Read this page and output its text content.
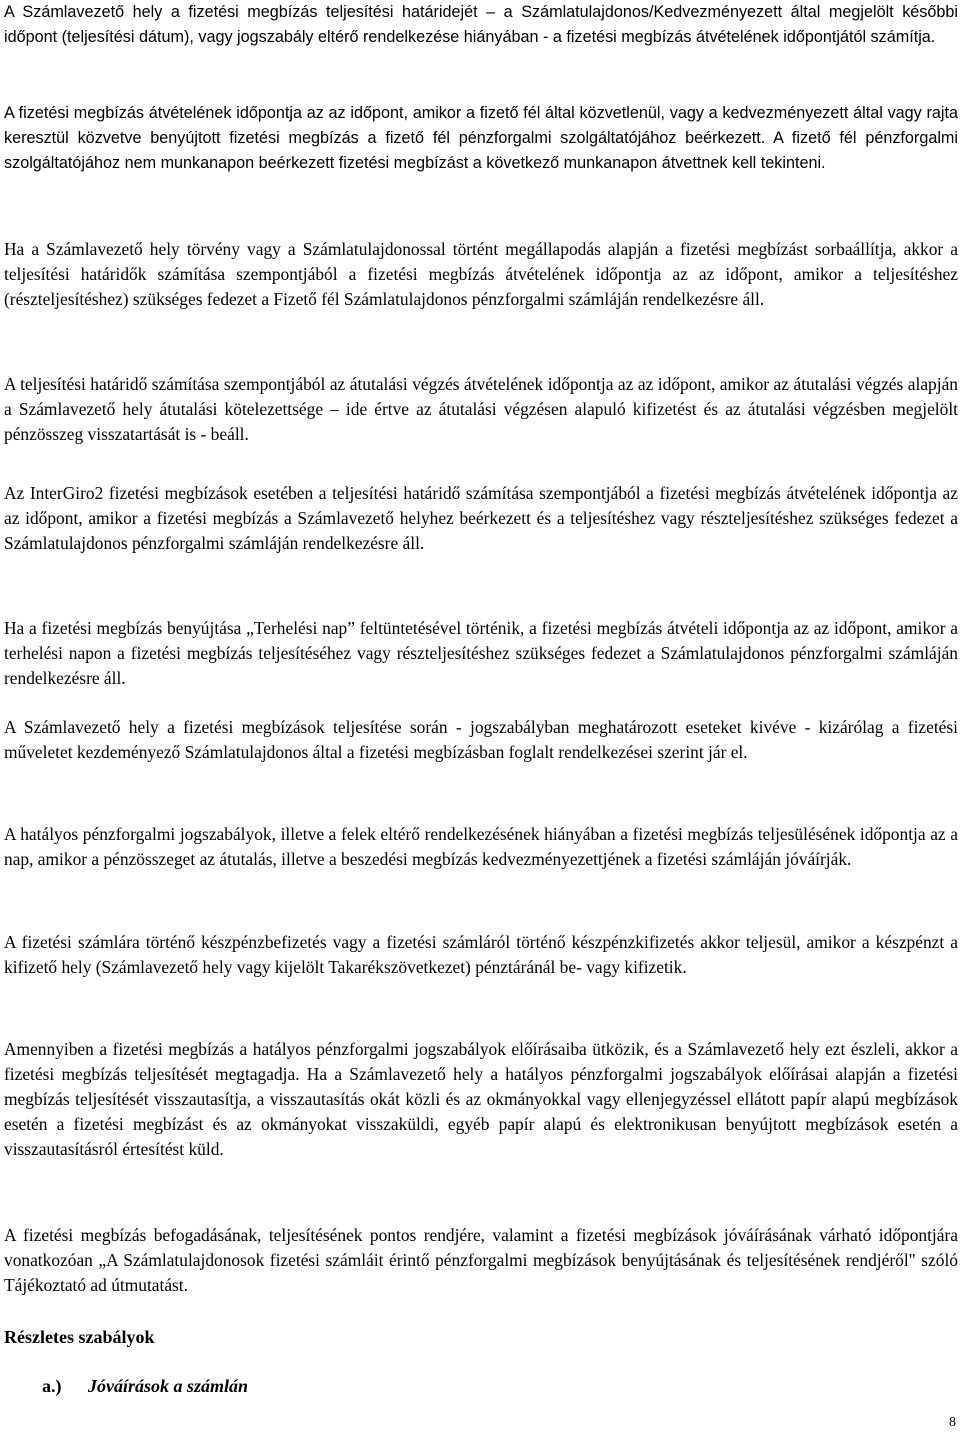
A Számlavezető hely a fizetési megbízás teljesítési határidejét – a Számlatulajdonos/Kedvezményezett által megjelölt későbbi időpont (teljesítési dátum), vagy jogszabály eltérő rendelkezése hiányában - a fizetési megbízás átvételének időpontjától számítja.

A fizetési megbízás átvételének időpontja az az időpont, amikor a fizető fél által közvetlenül, vagy a kedvezményezett által vagy rajta keresztül közvetve benyújtott fizetési megbízás a fizető fél pénzforgalmi szolgáltatójához beérkezett. A fizető fél pénzforgalmi szolgáltatójához nem munkanapon beérkezett fizetési megbízást a következő munkanapon átvettnek kell tekinteni.

Ha a Számlavezető hely törvény vagy a Számlatulajdonossal történt megállapodás alapján a fizetési megbízást sorbaállítja, akkor a teljesítési határidők számítása szempontjából a fizetési megbízás átvételének időpontja az az időpont, amikor a teljesítéshez (részteljesítéshez) szükséges fedezet a Fizető fél Számlatulajdonos pénzforgalmi számláján rendelkezésre áll.

A teljesítési határidő számítása szempontjából az átutalási végzés átvételének időpontja az az időpont, amikor az átutalási végzés alapján a Számlavezető hely átutalási kötelezettsége – ide értve az átutalási végzésen alapuló kifizetést és az átutalási végzésben megjelölt pénzösszeg visszatartását is - beáll.

Az InterGiro2 fizetési megbízások esetében a teljesítési határidő számítása szempontjából a fizetési megbízás átvételének időpontja az az időpont, amikor a fizetési megbízás a Számlavezető helyhez beérkezett és a teljesítéshez vagy részteljesítéshez szükséges fedezet a Számlatulajdonos pénzforgalmi számláján rendelkezésre áll.

Ha a fizetési megbízás benyújtása „Terhelési nap” feltüntetésével történik, a fizetési megbízás átvételi időpontja az az időpont, amikor a terhelési napon a fizetési megbízás teljesítéséhez vagy részteljesítéshez szükséges fedezet a Számlatulajdonos pénzforgalmi számláján rendelkezésre áll.

A Számlavezető hely a fizetési megbízások teljesítése során - jogszabályban meghatározott eseteket kivéve - kizárólag a fizetési műveletet kezdeményező Számlatulajdonos által a fizetési megbízásban foglalt rendelkezései szerint jár el.

A hatályos pénzforgalmi jogszabályok, illetve a felek eltérő rendelkezésének hiányában a fizetési megbízás teljesülésének időpontja az a nap, amikor a pénzösszeget az átutalás, illetve a beszedési megbízás kedvezményezettjének a fizetési számláján jóváírják.

A fizetési számlára történő készpénzbefizetés vagy a fizetési számláról történő készpénzkifizetés akkor teljesül, amikor a készpénzt a kifizető hely (Számlavezető hely vagy kijelölt Takarékszövetkezet) pénztáránál be- vagy kifizetik.

Amennyiben a fizetési megbízás a hatályos pénzforgalmi jogszabályok előírásaiba ütközik, és a Számlavezető hely ezt észleli, akkor a fizetési megbízás teljesítését megtagadja. Ha a Számlavezető hely a hatályos pénzforgalmi jogszabályok előírásai alapján a fizetési megbízás teljesítését visszautasítja, a visszautasítás okát közli és az okmányokkal vagy ellenjegyzéssel ellátott papír alapú megbízások esetén a fizetési megbízást és az okmányokat visszaküldi, egyéb papír alapú és elektronikusan benyújtott megbízások esetén a visszautasításról értesítést küld.

A fizetési megbízás befogadásának, teljesítésének pontos rendjére, valamint a fizetési megbízások jóváírásának várható időpontjára vonatkozóan „A Számlatulajdonosok fizetési számláit érintő pénzforgalmi megbízások benyújtásának és teljesítésének rendjéről" szóló Tájékoztató ad útmutatást.

Részletes szabályok

a.) Jóváírások a számlán

8
